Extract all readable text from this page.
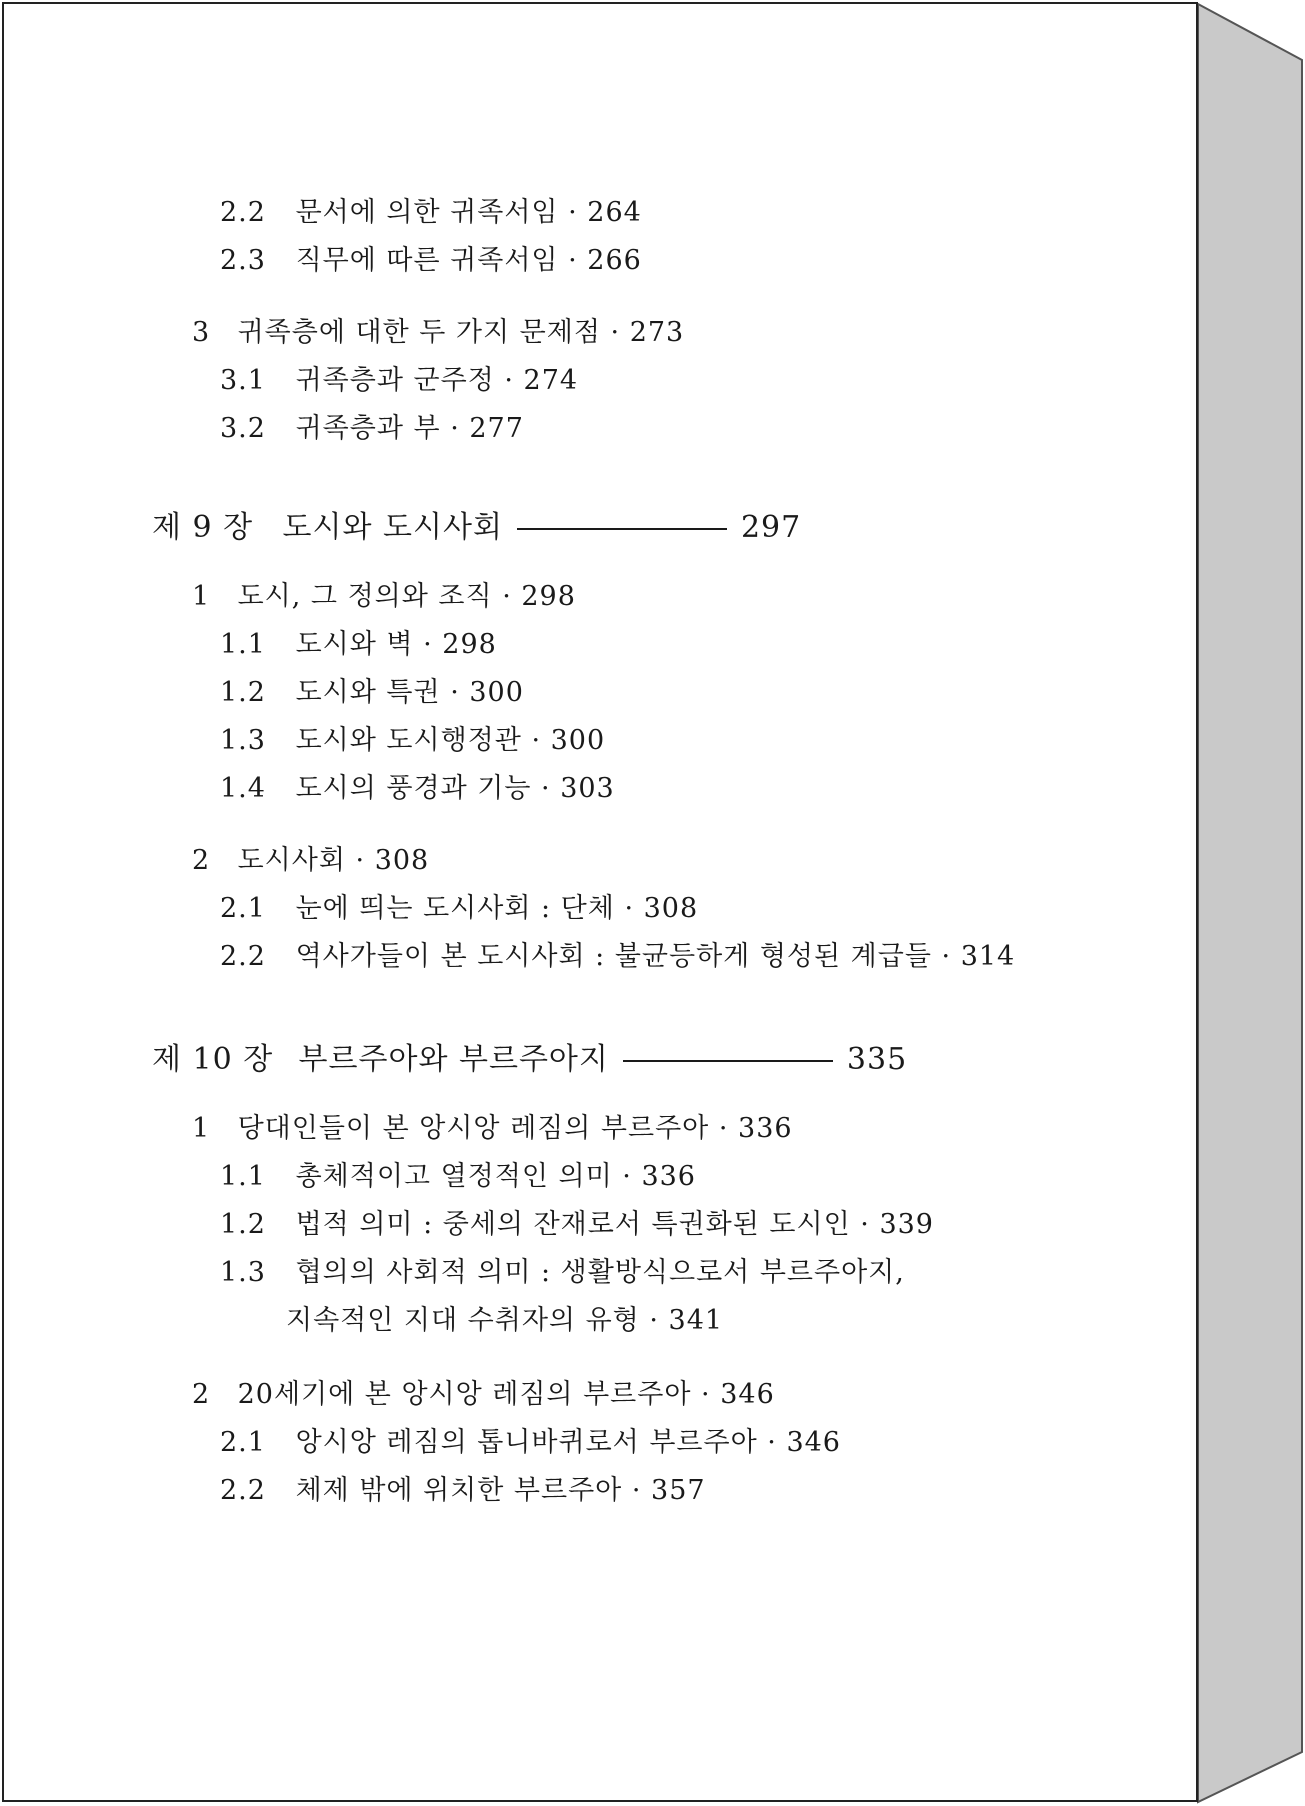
2.2 문서에 의한 귀족서임 · 264
2.3 직무에 따른 귀족서임 · 266
3 귀족층에 대한 두 가지 문제점 · 273
3.1 귀족층과 군주정 · 274
3.2 귀족층과 부 · 277
제 9 장 도시와 도시사회	297
1 도시, 그 정의와 조직 · 298
1.1 도시와 벽 · 298
1.2 도시와 특권 · 300
1.3 도시와 도시행정관 · 300
1.4 도시의 풍경과 기능 · 303
2 도시사회 · 308
2.1 눈에 띄는 도시사회 : 단체 · 308
2.2 역사가들이 본 도시사회 : 불균등하게 형성된 계급들 · 314
제 10 장 부르주아와 부르주아지	335
1 당대인들이 본 앙시앙 레짐의 부르주아 · 336
1.1 총체적이고 열정적인 의미 · 336
1.2 법적 의미 : 중세의 잔재로서 특권화된 도시인 · 339
1.3 협의의 사회적 의미 : 생활방식으로서 부르주아지,
지속적인 지대 수취자의 유형 · 341
2 20세기에 본 앙시앙 레짐의 부르주아 · 346
2.1 앙시앙 레짐의 톱니바퀴로서 부르주아 · 346
2.2 체제 밖에 위치한 부르주아 · 357
